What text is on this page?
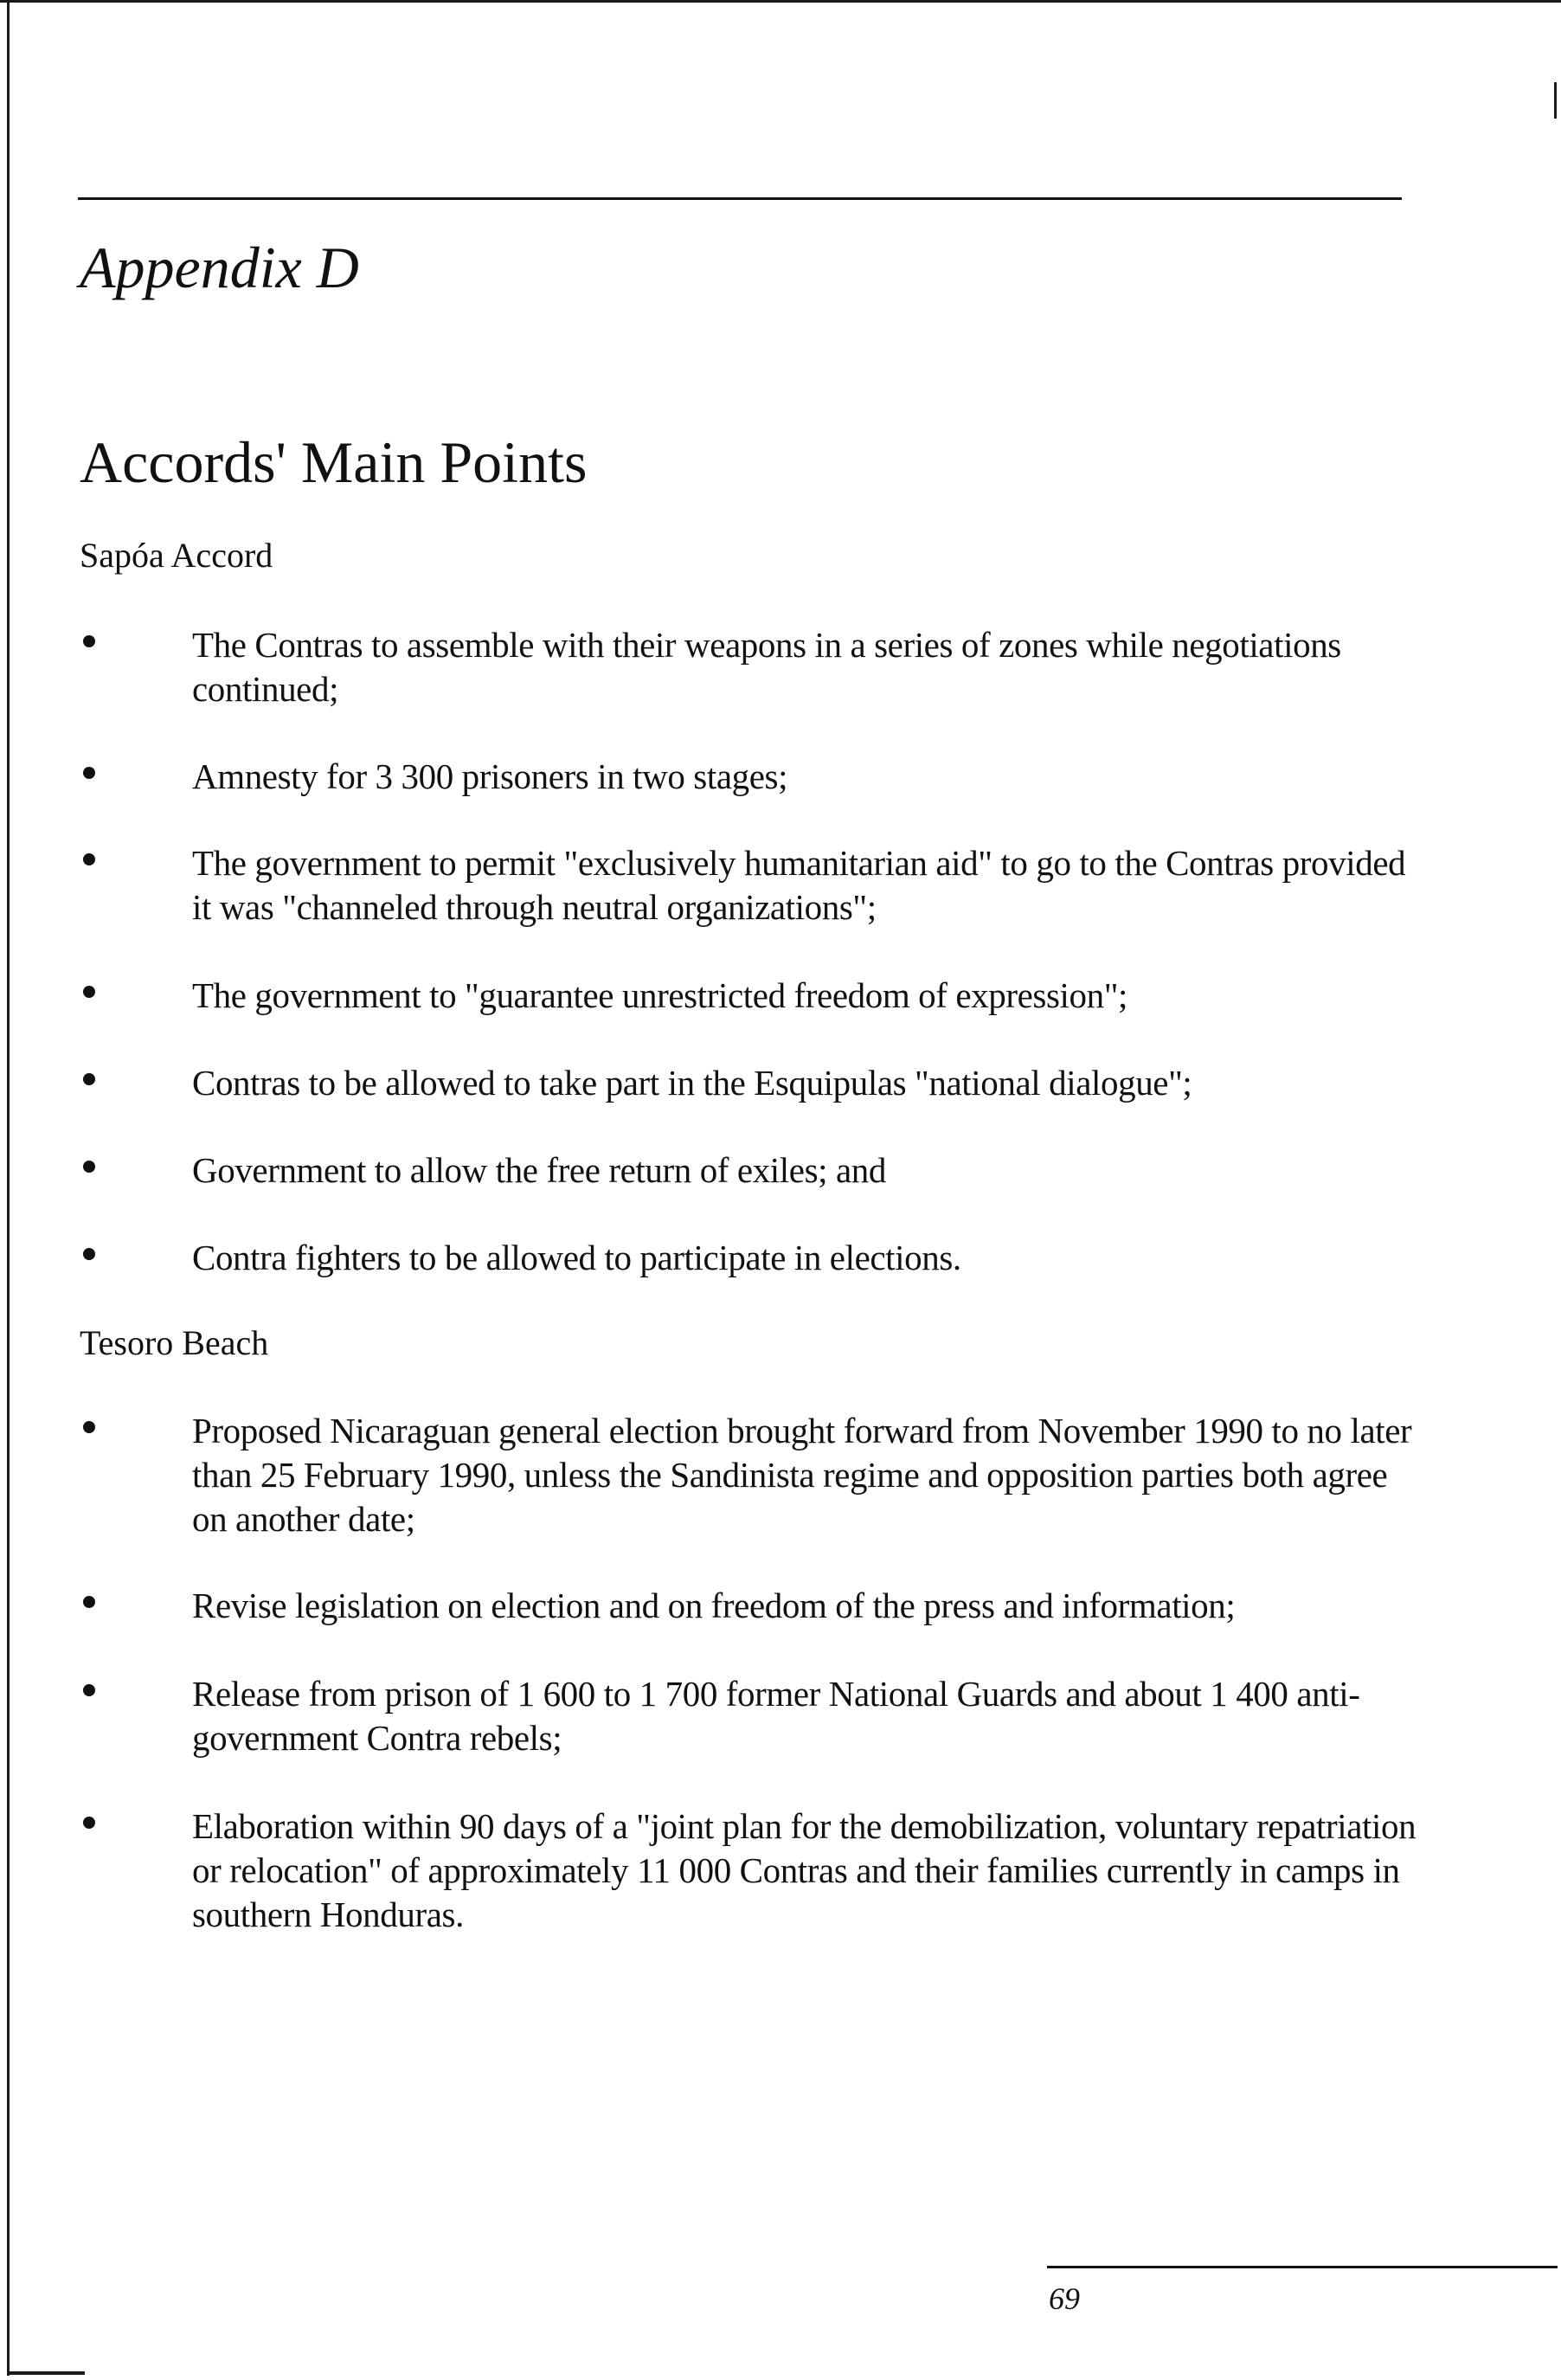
Appendix D
Accords' Main Points
Sapóa Accord
The Contras to assemble with their weapons in a series of zones while negotiations continued;
Amnesty for 3 300 prisoners in two stages;
The government to permit "exclusively humanitarian aid" to go to the Contras provided it was "channeled through neutral organizations";
The government to "guarantee unrestricted freedom of expression";
Contras to be allowed to take part in the Esquipulas "national dialogue";
Government to allow the free return of exiles; and
Contra fighters to be allowed to participate in elections.
Tesoro Beach
Proposed Nicaraguan general election brought forward from November 1990 to no later than 25 February 1990, unless the Sandinista regime and opposition parties both agree on another date;
Revise legislation on election and on freedom of the press and information;
Release from prison of 1 600 to 1 700 former National Guards and about 1 400 anti-government Contra rebels;
Elaboration within 90 days of a "joint plan for the demobilization, voluntary repatriation or relocation" of approximately 11 000 Contras and their families currently in camps in southern Honduras.
69
